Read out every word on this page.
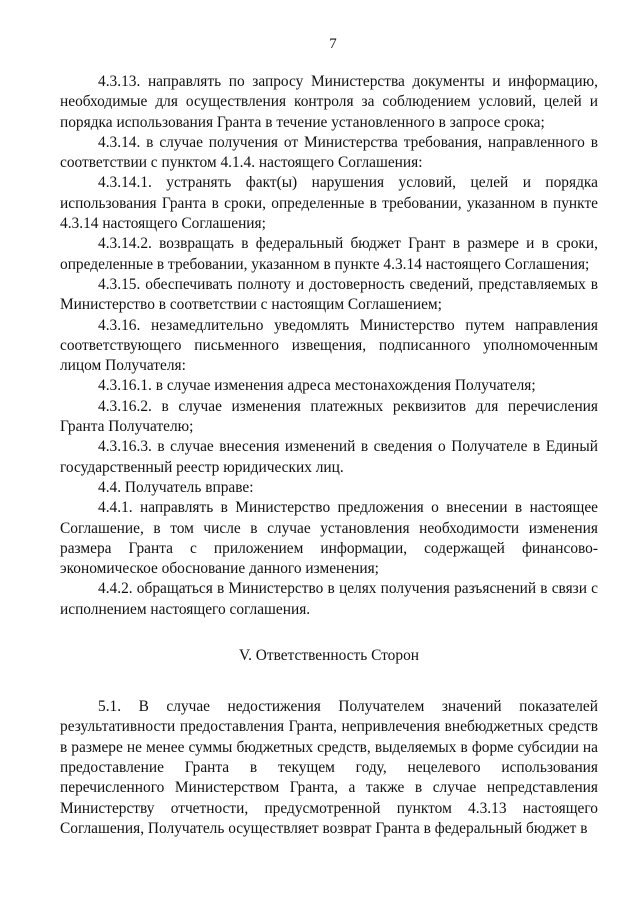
7

4.3.13. направлять по запросу Министерства документы и информацию, необходимые для осуществления контроля за соблюдением условий, целей и порядка использования Гранта в течение установленного в запросе срока;

4.3.14. в случае получения от Министерства требования, направленного в соответствии с пунктом 4.1.4. настоящего Соглашения:

4.3.14.1. устранять факт(ы) нарушения условий, целей и порядка использования Гранта в сроки, определенные в требовании, указанном в пункте 4.3.14 настоящего Соглашения;

4.3.14.2. возвращать в федеральный бюджет Грант в размере и в сроки, определенные в требовании, указанном в пункте 4.3.14 настоящего Соглашения;

4.3.15. обеспечивать полноту и достоверность сведений, представляемых в Министерство в соответствии с настоящим Соглашением;

4.3.16. незамедлительно уведомлять Министерство путем направления соответствующего письменного извещения, подписанного уполномоченным лицом Получателя:

4.3.16.1. в случае изменения адреса местонахождения Получателя;

4.3.16.2. в случае изменения платежных реквизитов для перечисления Гранта Получателю;

4.3.16.3. в случае внесения изменений в сведения о Получателе в Единый государственный реестр юридических лиц.

4.4. Получатель вправе:

4.4.1. направлять в Министерство предложения о внесении в настоящее Соглашение, в том числе в случае установления необходимости изменения размера Гранта с приложением информации, содержащей финансово-экономическое обоснование данного изменения;

4.4.2. обращаться в Министерство в целях получения разъяснений в связи с исполнением настоящего соглашения.

V. Ответственность Сторон

5.1. В случае недостижения Получателем значений показателей результативности предоставления Гранта, непривлечения внебюджетных средств в размере не менее суммы бюджетных средств, выделяемых в форме субсидии на предоставление Гранта в текущем году, нецелевого использования перечисленного Министерством Гранта, а также в случае непредставления Министерству отчетности, предусмотренной пунктом 4.3.13 настоящего Соглашения, Получатель осуществляет возврат Гранта в федеральный бюджет в
